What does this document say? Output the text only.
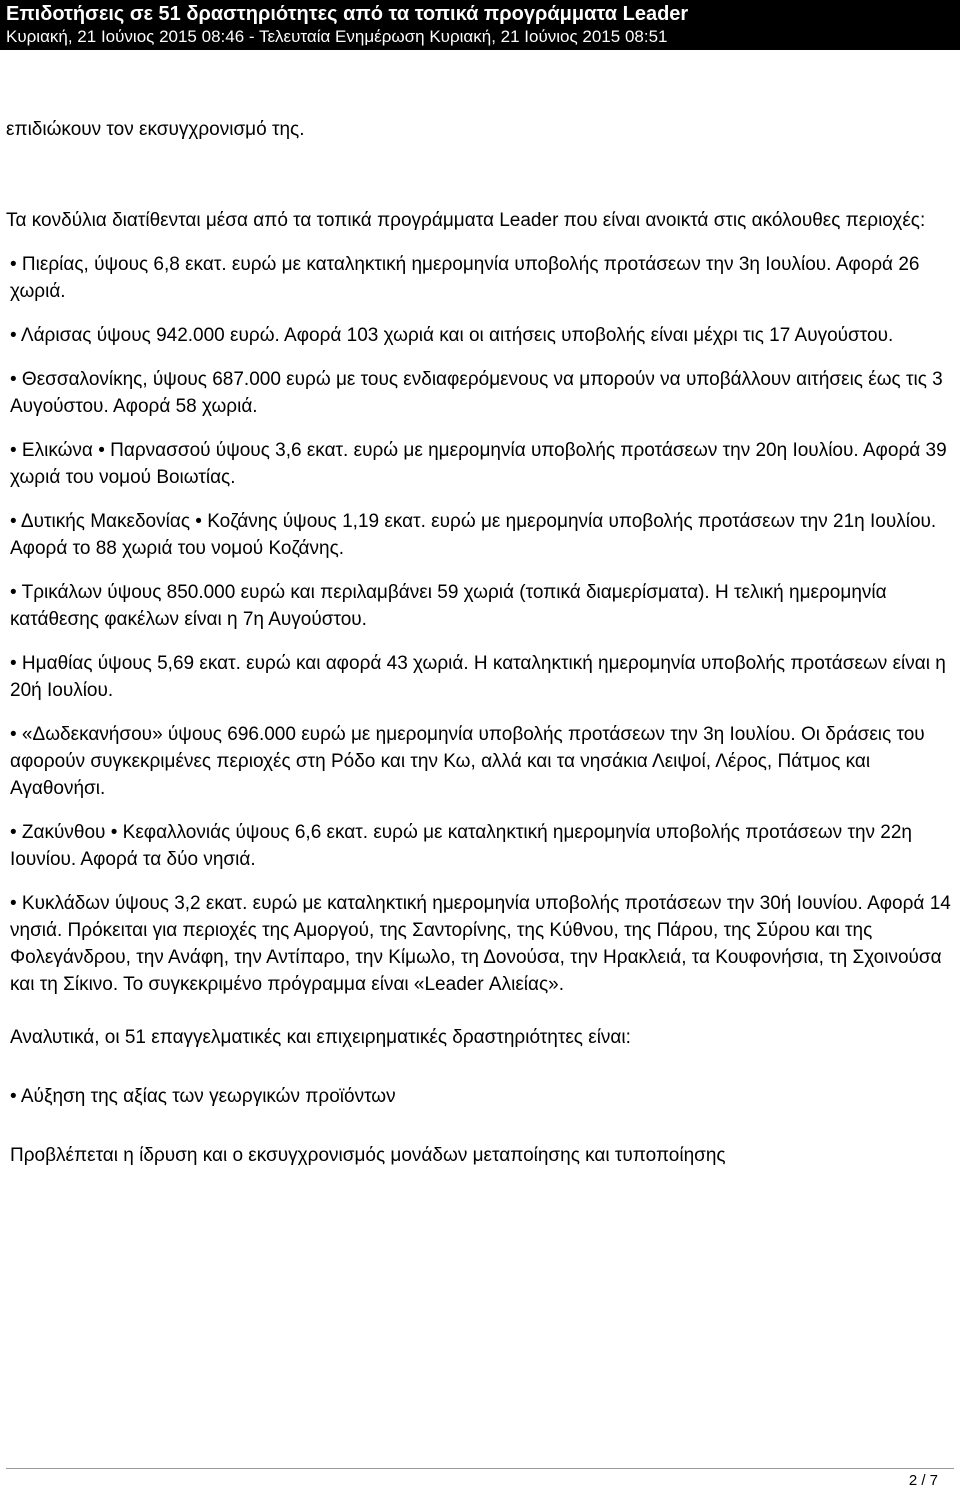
Επιδοτήσεις σε 51 δραστηριότητες από τα τοπικά προγράμματα Leader
Κυριακή, 21 Ιούνιος 2015 08:46 - Τελευταία Ενημέρωση Κυριακή, 21 Ιούνιος 2015 08:51

επιδιώκουν τον εκσυγχρονισμό της.

Τα κονδύλια διατίθενται μέσα από τα τοπικά προγράμματα Leader που είναι ανοικτά στις ακόλουθες περιοχές:

• Πιερίας, ύψους 6,8 εκατ. ευρώ με καταληκτική ημερομηνία υποβολής προτάσεων την 3η Ιουλίου. Αφορά 26 χωριά.

• Λάρισας ύψους 942.000 ευρώ. Αφορά 103 χωριά και οι αιτήσεις υποβολής είναι μέχρι τις 17 Αυγούστου.

• Θεσσαλονίκης, ύψους 687.000 ευρώ με τους ενδιαφερόμενους να μπορούν να υποβάλλουν αιτήσεις έως τις 3 Αυγούστου. Αφορά 58 χωριά.

• Ελικώνα • Παρνασσού ύψους 3,6 εκατ. ευρώ με ημερομηνία υποβολής προτάσεων την 20η Ιουλίου. Αφορά 39 χωριά του νομού Βοιωτίας.

• Δυτικής Μακεδονίας • Κοζάνης ύψους 1,19 εκατ. ευρώ με ημερομηνία υποβολής προτάσεων την 21η Ιουλίου. Αφορά το 88 χωριά του νομού Κοζάνης.

• Τρικάλων ύψους 850.000 ευρώ και περιλαμβάνει 59 χωριά (τοπικά διαμερίσματα). Η τελική ημερομηνία κατάθεσης φακέλων είναι η 7η Αυγούστου.

• Ημαθίας ύψους 5,69 εκατ. ευρώ και αφορά 43 χωριά. Η καταληκτική ημερομηνία υποβολής προτάσεων είναι η 20ή Ιουλίου.

• «Δωδεκανήσου» ύψους 696.000 ευρώ με ημερομηνία υποβολής προτάσεων την 3η Ιουλίου. Οι δράσεις του αφορούν συγκεκριμένες περιοχές στη Ρόδο και την Κω, αλλά και τα νησάκια Λειψοί, Λέρος, Πάτμος και Αγαθονήσι.

• Ζακύνθου • Κεφαλλονιάς ύψους 6,6 εκατ. ευρώ με καταληκτική ημερομηνία υποβολής προτάσεων την 22η Ιουνίου. Αφορά τα δύο νησιά.

• Κυκλάδων ύψους 3,2 εκατ. ευρώ με καταληκτική ημερομηνία υποβολής προτάσεων την 30ή Ιουνίου. Αφορά 14 νησιά. Πρόκειται για περιοχές της Αμοργού, της Σαντορίνης, της Κύθνου, της Πάρου, της Σύρου και της Φολεγάνδρου, την Ανάφη, την Αντίπαρο, την Κίμωλο, τη Δονούσα, την Ηρακλειά, τα Κουφονήσια, τη Σχοινούσα και τη Σίκινο. Το συγκεκριμένο πρόγραμμα είναι «Leader Αλιείας».

Αναλυτικά, οι 51 επαγγελματικές και επιχειρηματικές δραστηριότητες είναι:

• Αύξηση της αξίας των γεωργικών προϊόντων

Προβλέπεται η ίδρυση και ο εκσυγχρονισμός μονάδων μεταποίησης και τυποποίησης

2 / 7
